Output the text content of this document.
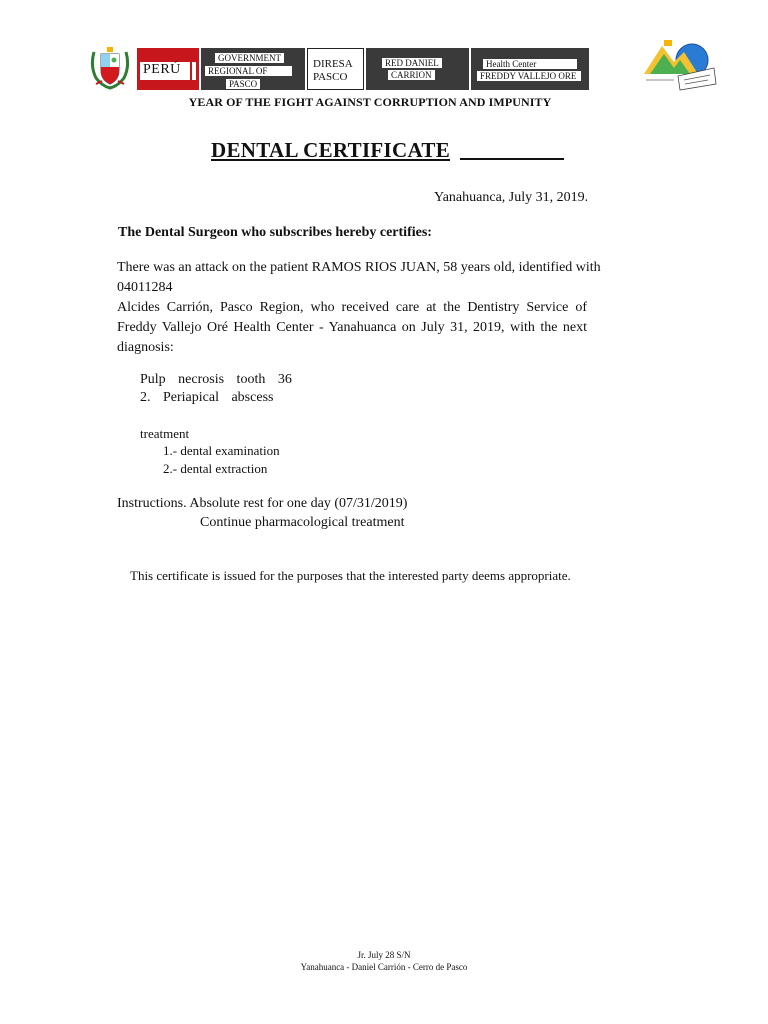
PERÚ
GOVERNMENT
REGIONAL OF
PASCO
DIRESA
PASCO
RED DANIEL
CARRION
Health Center
FREDDY VALLEJO ORE
YEAR OF THE FIGHT AGAINST CORRUPTION AND IMPUNITY
DENTAL CERTIFICATE
Yanahuanca, July 31, 2019.
The Dental Surgeon who subscribes hereby certifies:
There was an attack on the patient RAMOS RIOS JUAN, 58 years old, identified with 04011284
Alcides Carrión, Pasco Region, who received care at the Dentistry Service of Freddy Vallejo Oré Health Center - Yanahuanca on July 31, 2019, with the next diagnosis:
Pulp necrosis tooth 36
2. Periapical abscess
treatment
1.- dental examination
2.- dental extraction
Instructions. Absolute rest for one day (07/31/2019)
Continue pharmacological treatment
This certificate is issued for the purposes that the interested party deems appropriate.
Jr. July 28 S/N
Yanahuanca - Daniel Carrión - Cerro de Pasco
